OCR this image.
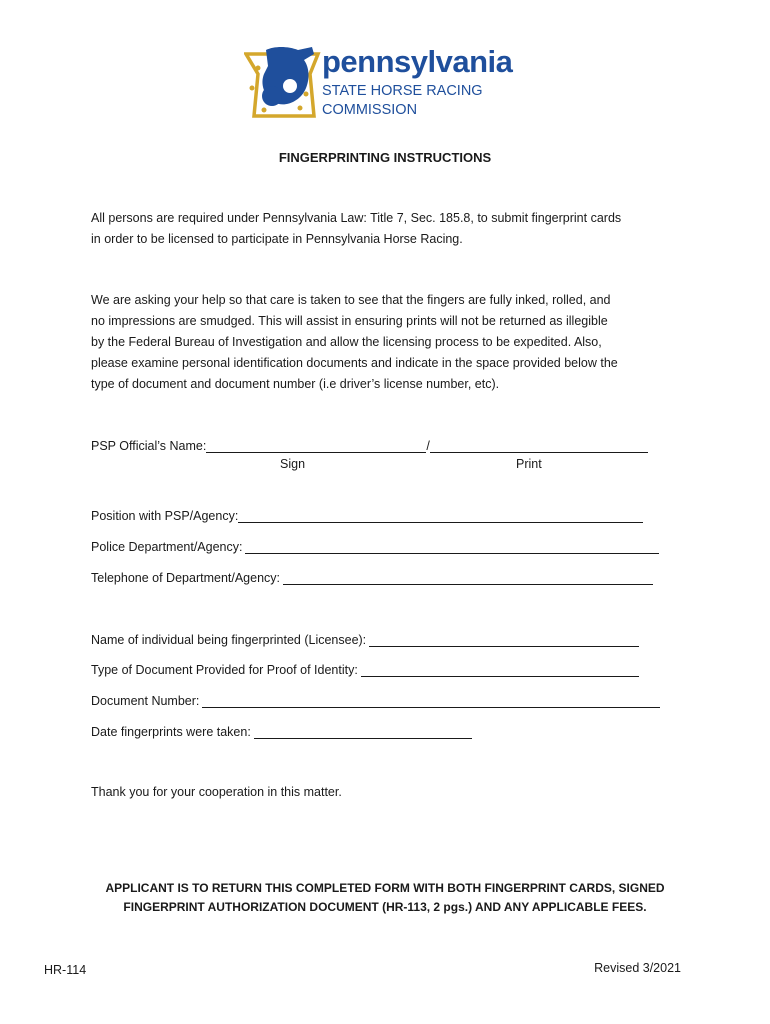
pennsylvania
STATE HORSE RACING
COMMISSION
FINGERPRINTING INSTRUCTIONS

All persons are required under Pennsylvania Law: Title 7, Sec. 185.8, to submit fingerprint cards

in order to be licensed to participate in Pennsylvania Horse Racing.

We are asking your help so that care is taken to see that the fingers are fully inked, rolled, and

no impressions are smudged. This will assist in ensuring prints will not be returned as illegible

by the Federal Bureau of Investigation and allow the licensing process to be expedited. Also,

please examine personal identification documents and indicate in the space provided below the

type of document and document number (i.e driver’s license number, etc).

PSP Official’s Name:	/
Sign	Print
Position with PSP/Agency:
Police Department/Agency:
Telephone of Department/Agency:
Name of individual being fingerprinted (Licensee):
Type of Document Provided for Proof of Identity:
Document Number:
Date fingerprints were taken:
Thank you for your cooperation in this matter.

APPLICANT IS TO RETURN THIS COMPLETED FORM WITH BOTH FINGERPRINT CARDS, SIGNED

FINGERPRINT AUTHORIZATION DOCUMENT (HR-113, 2 pgs.) AND ANY APPLICABLE FEES.

HR-114	Revised 3/2021
